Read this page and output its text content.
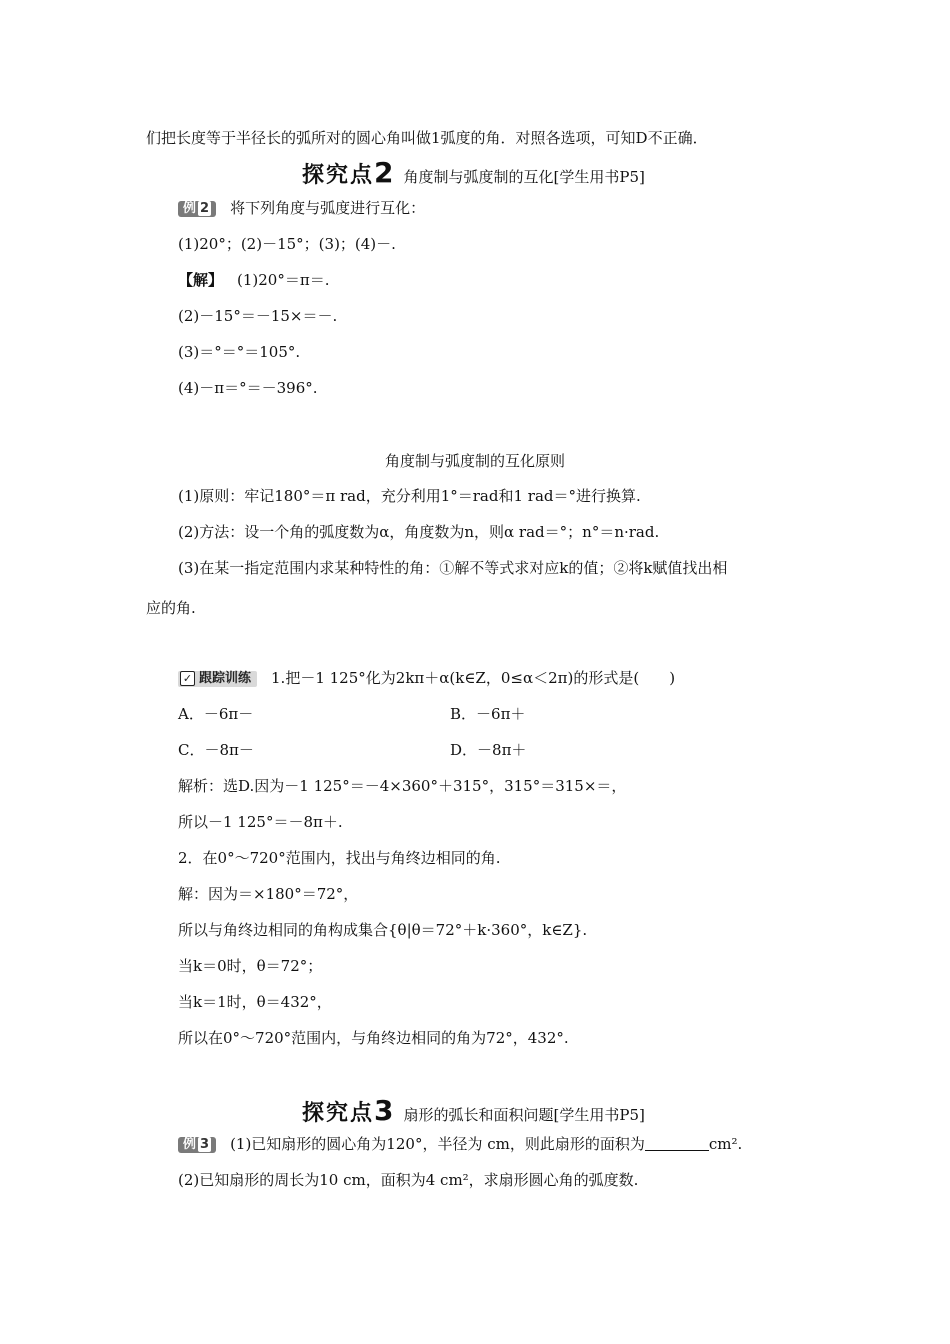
们把长度等于半径长的弧所对的圆心角叫做1弧度的角．对照各选项，可知D不正确．
探究点2 角度制与弧度制的互化[学生用书P5]
例 2 将下列角度与弧度进行互化：
(1)20°；(2)－15°；(3)；(4)－.
【解】 (1)20°＝π＝.
(2)－15°＝－15×＝－.
(3)＝°＝°＝105°.
(4)－π＝°＝－396°.
角度制与弧度制的互化原则
(1)原则：牢记180°＝π rad，充分利用1°＝rad和1 rad＝°进行换算.
(2)方法：设一个角的弧度数为α，角度数为n，则α rad＝°；n°＝n·rad.
(3)在某一指定范围内求某种特性的角：①解不等式求对应k的值；②将k赋值找出相
应的角.
✓ 跟踪训练 1.把－1 125°化为2kπ＋α(k∈Z，0≤α＜2π)的形式是(　　)
A．－6π－	B．－6π＋
C．－8π－	D．－8π＋
解析：选D.因为－1 125°＝－4×360°＋315°，315°＝315×＝，
所以－1 125°＝－8π＋.
2．在0°～720°范围内，找出与角终边相同的角.
解：因为＝×180°＝72°，
所以与角终边相同的角构成集合{θ|θ＝72°＋k·360°，k∈Z}.
当k＝0时，θ＝72°；
当k＝1时，θ＝432°，
所以在0°～720°范围内，与角终边相同的角为72°，432°.
探究点3 扇形的弧长和面积问题[学生用书P5]
例 3 (1)已知扇形的圆心角为120°，半径为 cm，则此扇形的面积为	cm².
(2)已知扇形的周长为10 cm，面积为4 cm²，求扇形圆心角的弧度数.
